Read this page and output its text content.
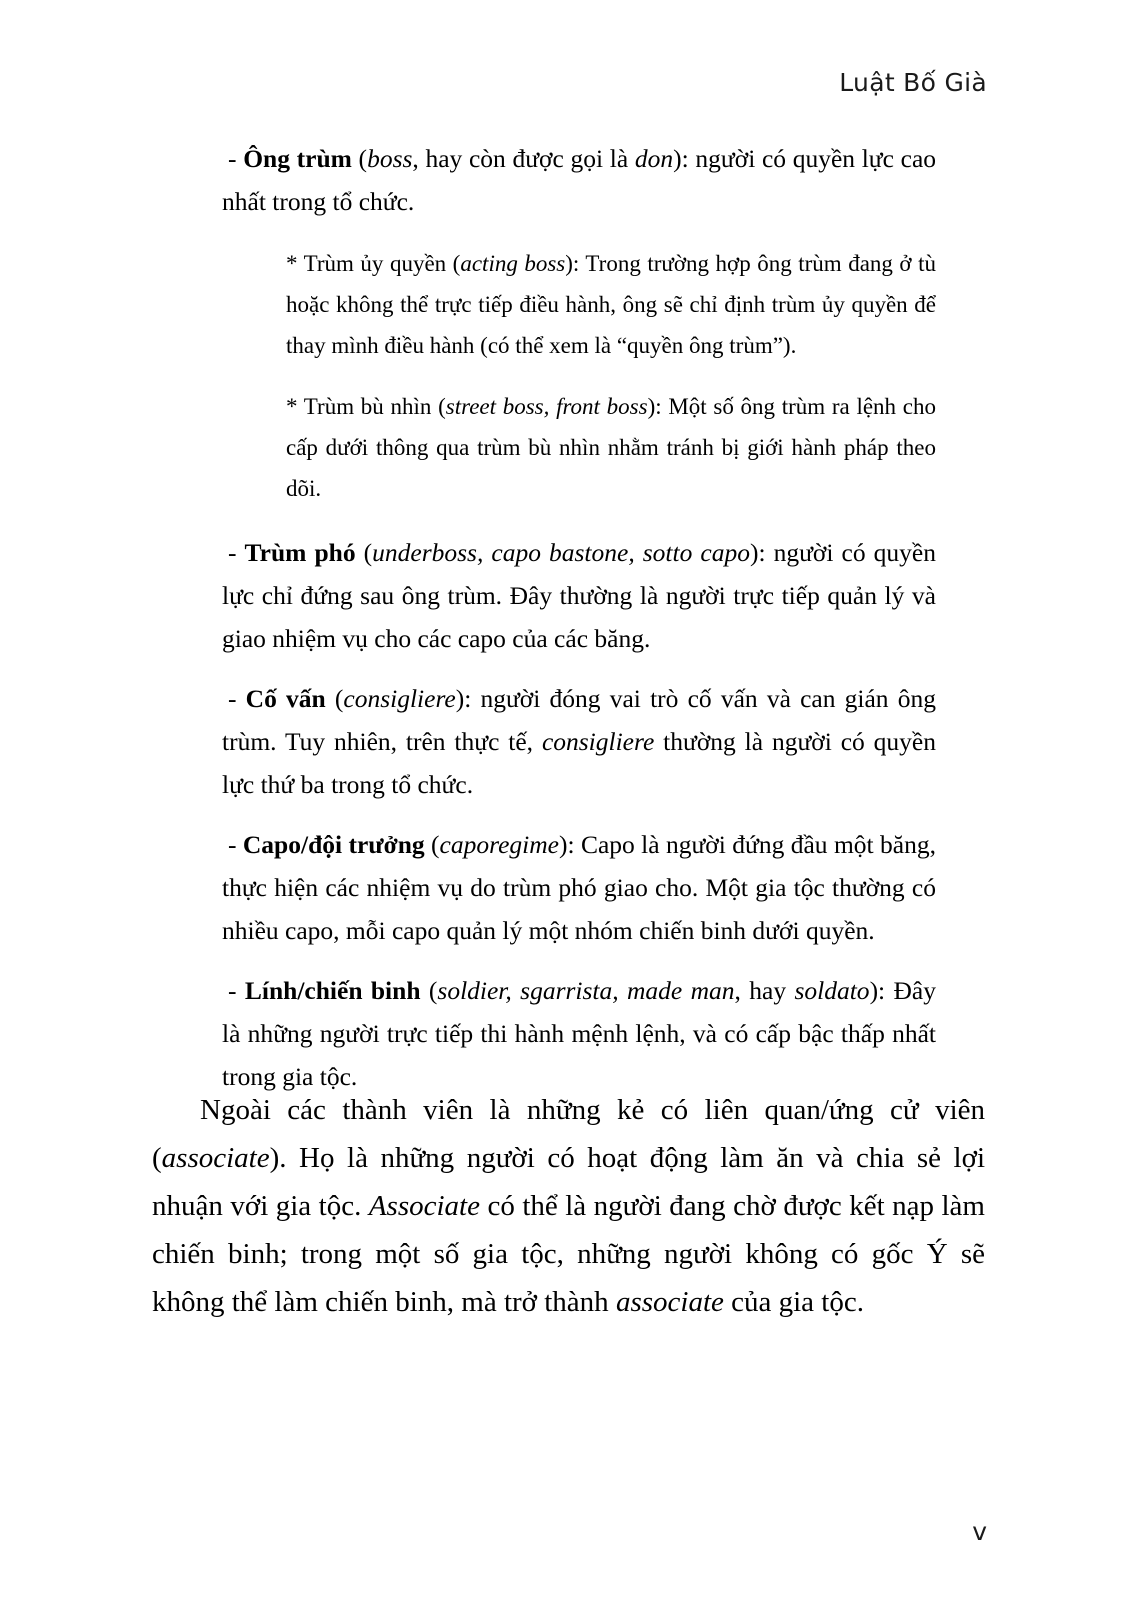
Luật Bố Già

- Ông trùm (boss, hay còn được gọi là don): người có quyền lực cao nhất trong tổ chức.

* Trùm ủy quyền (acting boss): Trong trường hợp ông trùm đang ở tù hoặc không thể trực tiếp điều hành, ông sẽ chỉ định trùm ủy quyền để thay mình điều hành (có thể xem là “quyền ông trùm”).

* Trùm bù nhìn (street boss, front boss): Một số ông trùm ra lệnh cho cấp dưới thông qua trùm bù nhìn nhằm tránh bị giới hành pháp theo dõi.

- Trùm phó (underboss, capo bastone, sotto capo): người có quyền lực chỉ đứng sau ông trùm. Đây thường là người trực tiếp quản lý và giao nhiệm vụ cho các capo của các băng.

- Cố vấn (consigliere): người đóng vai trò cố vấn và can gián ông trùm. Tuy nhiên, trên thực tế, consigliere thường là người có quyền lực thứ ba trong tổ chức.

- Capo/đội trưởng (caporegime): Capo là người đứng đầu một băng, thực hiện các nhiệm vụ do trùm phó giao cho. Một gia tộc thường có nhiều capo, mỗi capo quản lý một nhóm chiến binh dưới quyền.

- Lính/chiến binh (soldier, sgarrista, made man, hay soldato): Đây là những người trực tiếp thi hành mệnh lệnh, và có cấp bậc thấp nhất trong gia tộc.

Ngoài các thành viên là những kẻ có liên quan/ứng cử viên (associate). Họ là những người có hoạt động làm ăn và chia sẻ lợi nhuận với gia tộc. Associate có thể là người đang chờ được kết nạp làm chiến binh; trong một số gia tộc, những người không có gốc Ý sẽ không thể làm chiến binh, mà trở thành associate của gia tộc.

v
